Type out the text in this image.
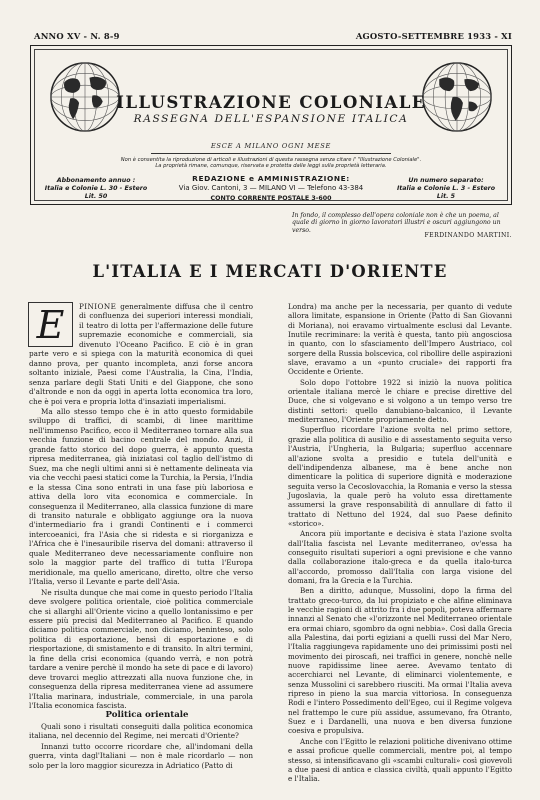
ANNO XV - N. 8-9	AGOSTO-SETTEMBRE 1933 - XI
ILLUSTRAZIONE COLONIALE
RASSEGNA DELL'ESPANSIONE ITALICA
ESCE A MILANO OGNI MESE
Non è consentita la riproduzione di articoli e illustrazioni di questa rassegna senza citare l' "Illustrazione Coloniale".
La proprietà rimane, comunque, riservata e protetta dalle leggi sulla proprietà letteraria.
Abbonamento annuo :
Italia e Colonie L. 30 - Estero Lit. 50
REDAZIONE e AMMINISTRAZIONE:
Via Giov. Cantoni, 3 — MILANO VI — Telefono 43-384
Un numero separato:
Italia e Colonie L. 3 - Estero Lit. 5
CONTO CORRENTE POSTALE 3-600
In fondo, il complesso dell'opera coloniale non è che un poema, al quale di giorno in giorno lavoratori illustri e oscuri aggiungono un verso.
FERDINANDO MARTINI.
L'ITALIA E I MERCATI D'ORIENTE
E	PINIONE generalmente diffusa che il centro di confluenza dei superiori interessi mondiali, il teatro di lotta per l'affermazione delle future supremazie economiche e commerciali, sia divenuto l'Oceano Pacifico. E ciò è in gran parte vero e si spiega con la maturità economica di quei danno prova, per quanto incompleta, anzi forse ancora soltanto iniziale, Paesi come l'Australia, la Cina, l'India, senza parlare degli Stati Uniti e del Giappone, che sono d'altronde e non da oggi in aperta lotta economica tra loro, che è poi vera e propria lotta d'insaziati imperialismi.

Ma allo stesso tempo che è in atto questo formidabile sviluppo di traffici, di scambi, di linee marittime nell'immenso Pacifico, ecco il Mediterraneo tornare alla sua vecchia funzione di bacino centrale del mondo. Anzi, il grande fatto storico del dopo guerra, è appunto questa ripresa mediterranea, già iniziatasi col taglio dell'istmo di Suez, ma che negli ultimi anni si è nettamente delineata via via che vecchi paesi statici come la Turchia, la Persia, l'India e la stessa Cina sono entrati in una fase più laboriosa e attiva della loro vita economica e commerciale. In conseguenza il Mediterraneo, alla classica funzione di mare di transito naturale e obbligato aggiunge ora la nuova d'intermediario fra i grandi Continenti e i commerci intercoeanici, fra l'Asia che si ridesta e si riorganizza e l'Africa che è l'inesauribile riserva del domani: attraverso il quale Mediterraneo deve necessariamente confluire non solo la maggior parte del traffico di tutta l'Europa meridionale, ma quello americano, diretto, oltre che verso l'Italia, verso il Levante e parte dell'Asia.

Ne risulta dunque che mai come in questo periodo l'Italia deve svolgere politica orientale, cioè politica commerciale che si allarghi all'Oriente vicino a quello lontanissimo e per essere più precisi dal Mediterraneo al Pacifico. E quando diciamo politica commerciale, non diciamo, beninteso, solo politica di esportazione, bensì di esportazione e di riesportazione, di smistamento e di transito. In altri termini, la fine della crisi economica (quando verrà, e non potrà tardare a venire perchè il mondo ha sete di pace e di lavoro) deve trovarci meglio attrezzati alla nuova funzione che, in conseguenza della ripresa mediterranea viene ad assumere l'Italia marinara, industriale, commerciale, in una parola l'Italia economica fascista.

Politica orientale

Quali sono i risultati conseguiti dalla politica economica italiana, nel decennio del Regime, nei mercati d'Oriente?

Innanzi tutto occorre ricordare che, all'indomani della guerra, vinta dagl'Italiani — non è male ricordarlo — non solo per la loro maggior sicurezza in Adriatico (Patto di

Londra) ma anche per la necessaria, per quanto di vedute allora limitate, espansione in Oriente (Patto di San Giovanni di Moriana), noi eravamo virtualmente esclusi dal Levante. Inutile recriminare: la verità è questa, tanto più angosciosa in quanto, con lo sfasciamento dell'Impero Austriaco, col sorgere della Russia bolscevica, col ribollire delle aspirazioni slave, eravamo a un «punto cruciale» dei rapporti fra Occidente e Oriente.

Solo dopo l'ottobre 1922 si iniziò la nuova politica orientale italiana mercè le chiare e precise direttive del Duce, che si volgevano e si volgono a un tempo verso tre distinti settori: quello danubiano-balcanico, il Levante mediterraneo, l'Oriente propriamente detto.

Superfluo ricordare l'azione svolta nel primo settore, grazie alla politica di ausilio e di assestamento seguita verso l'Austria, l'Ungheria, la Bulgaria; superfluo accennare all'azione svolta a presidio e tutela dell'unità e dell'indipendenza albanese, ma è bene anche non dimenticare la politica di superiore dignità e moderazione seguita verso la Cecoslovacchia, la Romania e verso la stessa Jugoslavia, la quale però ha voluto essa direttamente assumersi la grave responsabilità di annullare di fatto il trattato di Nettuno del 1924, dal suo Paese definito «storico».

Ancora più importante e decisiva è stata l'azione svolta dall'Italia fascista nel Levante mediterraneo, ov'essa ha conseguito risultati superiori a ogni previsione e che vanno dalla collaborazione italo-greca e da quella italo-turca all'accordo, promosso dall'Italia con larga visione del domani, fra la Grecia e la Turchia.

Ben a diritto, adunque, Mussolini, dopo la firma del trattato greco-turco, da lui propiziato e che alfine eliminava le vecchie ragioni di attrito fra i due popoli, poteva affermare innanzi al Senato che «l'orizzonte nel Mediterraneo orientale era ormai chiaro, sgombro da ogni nebbia». Così dalla Grecia alla Palestina, dai porti egiziani a quelli russi del Mar Nero, l'Italia raggiungeva rapidamente uno dei primissimi posti nel movimento dei piroscafi, nei traffici in genere, nonchè nelle nuove rapidissime linee aeree. Avevamo tentato di accerchiarci nel Levante, di eliminarci violentemente, e senza Mussolini ci sarebbero riusciti. Ma ormai l'Italia aveva ripreso in pieno la sua marcia vittoriosa. In conseguenza Rodi e l'intero Possedimento dell'Egeo, cui il Regime volgeva nel frattempo le cure più assidue, assumevano, fra Otranto, Suez e i Dardanelli, una nuova e ben diversa funzione coesiva e propulsiva.

Anche con l'Egitto le relazioni politiche divenivano ottime e assai proficue quelle commerciali, mentre poi, al tempo stesso, si intensificavano gli «scambi culturali» così giovevoli a due paesi di antica e classica civiltà, quali appunto l'Egitto e l'Italia.
